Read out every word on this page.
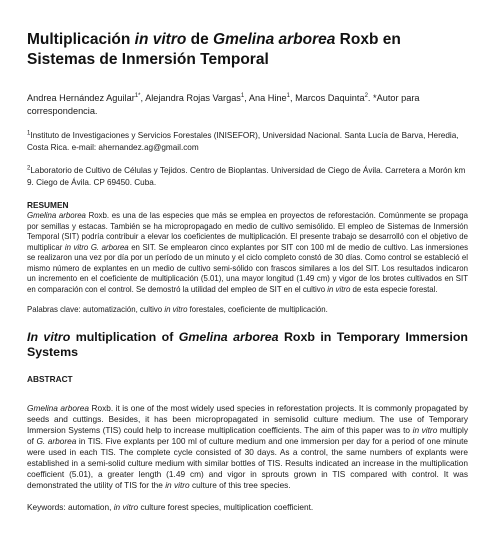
Multiplicación in vitro de Gmelina arborea Roxb en Sistemas de Inmersión Temporal

Andrea Hernández Aguilar$^{1*}$, Alejandra Rojas Vargas$^1$, Ana Hine$^1$, Marcos Daquinta$^2$. *Autor para correspondencia.

$^1$Instituto de Investigaciones y Servicios Forestales (INISEFOR), Universidad Nacional. Santa Lucía de Barva, Heredia, Costa Rica. e-mail: ahernandez.ag@gmail.com

$^2$Laboratorio de Cultivo de Células y Tejidos. Centro de Bioplantas. Universidad de Ciego de Ávila. Carretera a Morón km 9. Ciego de Ávila. CP 69450. Cuba.

RESUMEN

Gmelina arborea Roxb. es una de las especies que más se emplea en proyectos de reforestación. Comúnmente se propaga por semillas y estacas. También se ha micropropagado en medio de cultivo semisólido. El empleo de Sistemas de Inmersión Temporal (SIT) podría contribuir a elevar los coeficientes de multiplicación. El presente trabajo se desarrolló con el objetivo de multiplicar in vitro G. arborea en SIT. Se emplearon cinco explantes por SIT con 100 ml de medio de cultivo. Las inmersiones se realizaron una vez por día por un período de un minuto y el ciclo completo constó de 30 días. Como control se estableció el mismo número de explantes en un medio de cultivo semi-sólido con frascos similares a los del SIT. Los resultados indicaron un incremento en el coeficiente de multiplicación (5.01), una mayor longitud (1.49 cm) y vigor de los brotes cultivados en SIT en comparación con el control. Se demostró la utilidad del empleo de SIT en el cultivo in vitro de esta especie forestal.

Palabras clave: automatización, cultivo in vitro forestales, coeficiente de multiplicación.

In vitro multiplication of Gmelina arborea Roxb in Temporary Immersion Systems

ABSTRACT

Gmelina arborea Roxb. it is one of the most widely used species in reforestation projects. It is commonly propagated by seeds and cuttings. Besides, it has been micropropagated in semisolid culture medium. The use of Temporary Immersion Systems (TIS) could help to increase multiplication coefficients. The aim of this paper was to in vitro multiply of G. arborea in TIS. Five explants per 100 ml of culture medium and one immersion per day for a period of one minute were used in each TIS. The complete cycle consisted of 30 days. As a control, the same numbers of explants were established in a semi-solid culture medium with similar bottles of TIS. Results indicated an increase in the multiplication coefficient (5.01), a greater length (1.49 cm) and vigor in sprouts grown in TIS compared with control. It was demonstrated the utility of TIS for the in vitro culture of this tree species.

Keywords: automation, in vitro culture forest species, multiplication coefficient.
